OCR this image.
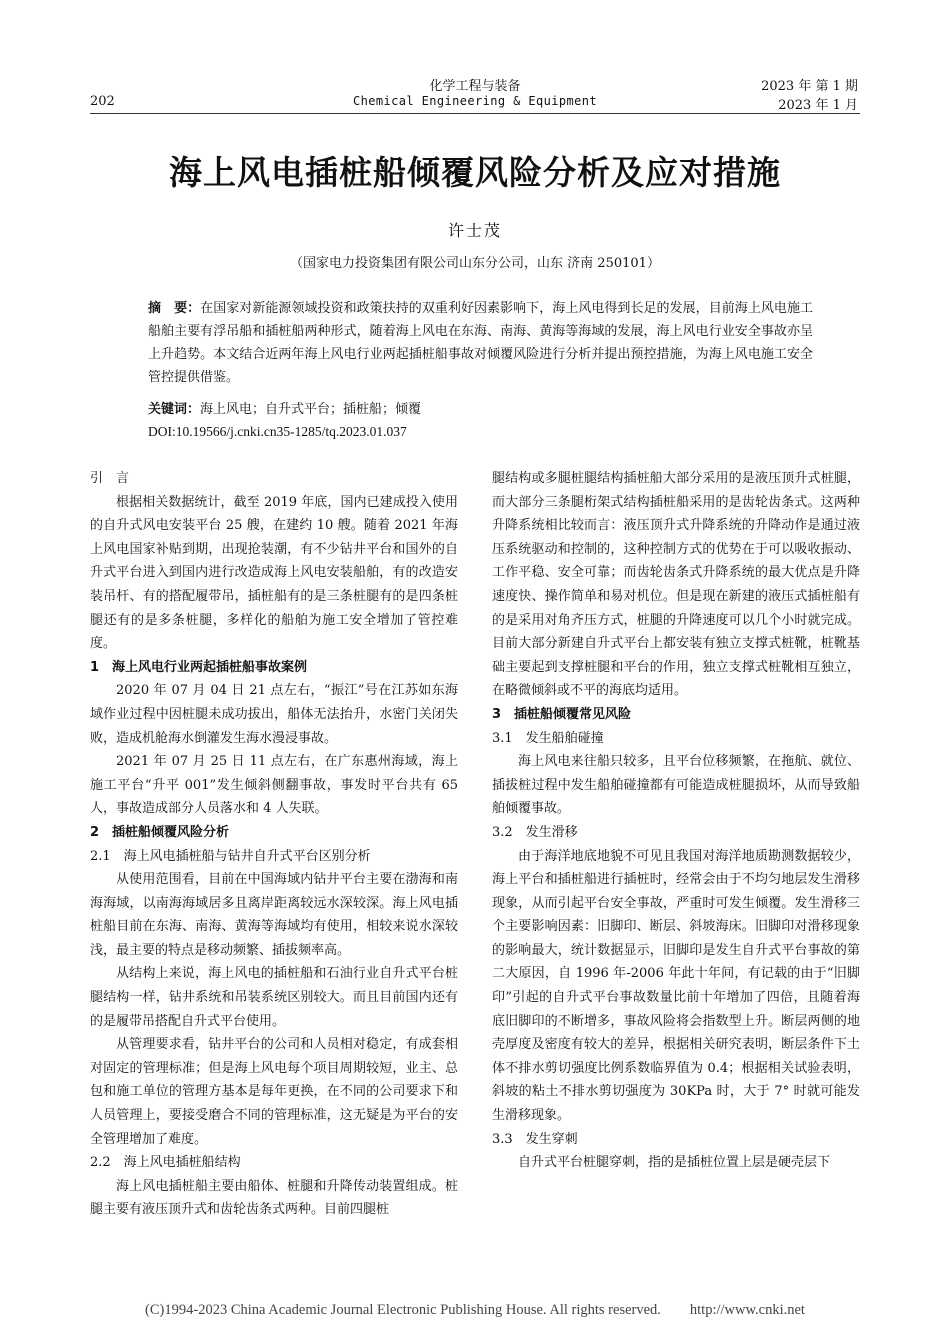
202
化学工程与装备
Chemical Engineering & Equipment
2023 年 第 1 期
2023 年 1 月
海上风电插桩船倾覆风险分析及应对措施
许士茂
（国家电力投资集团有限公司山东分公司，山东 济南 250101）
摘　要：在国家对新能源领域投资和政策扶持的双重利好因素影响下，海上风电得到长足的发展，目前海上风电施工船舶主要有浮吊船和插桩船两种形式，随着海上风电在东海、南海、黄海等海域的发展，海上风电行业安全事故亦呈上升趋势。本文结合近两年海上风电行业两起插桩船事故对倾覆风险进行分析并提出预控措施，为海上风电施工安全管控提供借鉴。
关键词：海上风电；自升式平台；插桩船；倾覆
DOI:10.19566/j.cnki.cn35-1285/tq.2023.01.037
引　言

根据相关数据统计，截至 2019 年底，国内已建成投入使用的自升式风电安装平台 25 艘，在建约 10 艘。随着 2021 年海上风电国家补贴到期，出现抢装潮，有不少钻井平台和国外的自升式平台进入到国内进行改造成海上风电安装船舶，有的改造安装吊杆、有的搭配履带吊，插桩船有的是三条桩腿有的是四条桩腿还有的是多条桩腿，多样化的船舶为施工安全增加了管控难度。

1　海上风电行业两起插桩船事故案例

2020 年 07 月 04 日 21 点左右，“振江”号在江苏如东海域作业过程中因桩腿未成功拔出，船体无法抬升，水密门关闭失败，造成机舱海水倒灌发生海水漫浸事故。

2021 年 07 月 25 日 11 点左右，在广东惠州海域，海上施工平台“升平 001”发生倾斜侧翻事故，事发时平台共有 65 人，事故造成部分人员落水和 4 人失联。

2　插桩船倾覆风险分析
2.1　海上风电插桩船与钻井自升式平台区别分析

从使用范围看，目前在中国海域内钻井平台主要在渤海和南海海域，以南海海域居多且离岸距离较远水深较深。海上风电插桩船目前在东海、南海、黄海等海域均有使用，相较来说水深较浅，最主要的特点是移动频繁、插拔频率高。

从结构上来说，海上风电的插桩船和石油行业自升式平台桩腿结构一样，钻井系统和吊装系统区别较大。而且目前国内还有的是履带吊搭配自升式平台使用。

从管理要求看，钻井平台的公司和人员相对稳定，有成套相对固定的管理标准；但是海上风电每个项目周期较短，业主、总包和施工单位的管理方基本是每年更换，在不同的公司要求下和人员管理上，要接受磨合不同的管理标准，这无疑是为平台的安全管理增加了难度。

2.2　海上风电插桩船结构

海上风电插桩船主要由船体、桩腿和升降传动装置组成。桩腿主要有液压顶升式和齿轮齿条式两种。目前四腿桩

腿结构或多腿桩腿结构插桩船大部分采用的是液压顶升式桩腿，而大部分三条腿桁架式结构插桩船采用的是齿轮齿条式。这两种升降系统相比较而言：液压顶升式升降系统的升降动作是通过液压系统驱动和控制的，这种控制方式的优势在于可以吸收振动、工作平稳、安全可靠；而齿轮齿条式升降系统的最大优点是升降速度快、操作简单和易对机位。但是现在新建的液压式插桩船有的是采用对角齐压方式，桩腿的升降速度可以几个小时就完成。目前大部分新建自升式平台上都安装有独立支撑式桩靴，桩靴基础主要起到支撑桩腿和平台的作用，独立支撑式桩靴相互独立，在略微倾斜或不平的海底均适用。

3　插桩船倾覆常见风险
3.1　发生船舶碰撞

海上风电来往船只较多，且平台位移频繁，在拖航、就位、插拔桩过程中发生船舶碰撞都有可能造成桩腿损坏，从而导致船舶倾覆事故。

3.2　发生滑移

由于海洋地底地貌不可见且我国对海洋地质勘测数据较少，海上平台和插桩船进行插桩时，经常会由于不均匀地层发生滑移现象，从而引起平台安全事故，严重时可发生倾覆。发生滑移三个主要影响因素：旧脚印、断层、斜坡海床。旧脚印对滑移现象的影响最大，统计数据显示，旧脚印是发生自升式平台事故的第二大原因，自 1996 年-2006 年此十年间，有记载的由于“旧脚印”引起的自升式平台事故数量比前十年增加了四倍，且随着海底旧脚印的不断增多，事故风险将会指数型上升。断层两侧的地壳厚度及密度有较大的差异，根据相关研究表明，断层条件下土体不排水剪切强度比例系数临界值为 0.4；根据相关试验表明，斜坡的粘土不排水剪切强度为 30KPa 时，大于 7° 时就可能发生滑移现象。

3.3　发生穿刺

自升式平台桩腿穿刺，指的是插桩位置上层是硬壳层下

(C)1994-2023 China Academic Journal Electronic Publishing House. All rights reserved.　　http://www.cnki.net
